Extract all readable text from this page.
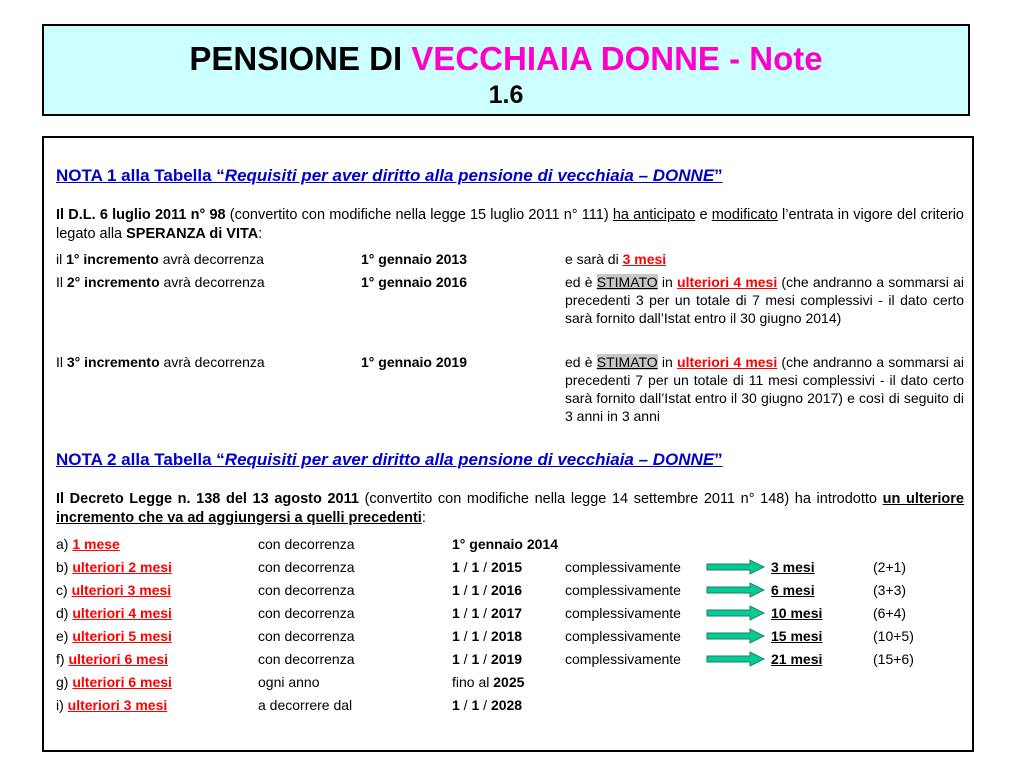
PENSIONE DI VECCHIAIA DONNE - Note
1.6
NOTA 1 alla Tabella “Requisiti per aver diritto alla pensione di vecchiaia – DONNE”
Il D.L. 6 luglio 2011 n° 98 (convertito con modifiche nella legge 15 luglio 2011 n° 111) ha anticipato e modificato l’entrata in vigore del criterio legato alla SPERANZA di VITA:
il 1° incremento avrà decorrenza	1° gennaio 2013	e sarà di 3 mesi
Il 2° incremento avrà decorrenza	1° gennaio 2016	ed è STIMATO in ulteriori 4 mesi (che andranno a sommarsi ai precedenti 3 per un totale di 7 mesi complessivi - il dato certo sarà fornito dall’Istat entro il 30 giugno 2014)
Il 3° incremento avrà decorrenza	1° gennaio 2019	ed è STIMATO in ulteriori 4 mesi (che andranno a sommarsi ai precedenti 7 per un totale di 11 mesi complessivi - il dato certo sarà fornito dall’Istat entro il 30 giugno 2017) e così di seguito di 3 anni in 3 anni
NOTA 2 alla Tabella “Requisiti per aver diritto alla pensione di vecchiaia – DONNE”
Il Decreto Legge n. 138 del 13 agosto 2011 (convertito con modifiche nella legge 14 settembre 2011 n° 148) ha introdotto un ulteriore incremento che va ad aggiungersi a quelli precedenti:
a) 1 mese	con decorrenza	1° gennaio 2014
b) ulteriori 2 mesi	con decorrenza	1 / 1 / 2015	complessivamente	3 mesi	(2+1)
c) ulteriori 3 mesi	con decorrenza	1 / 1 / 2016	complessivamente	6 mesi	(3+3)
d) ulteriori 4 mesi	con decorrenza	1 / 1 / 2017	complessivamente	10 mesi	(6+4)
e) ulteriori 5 mesi	con decorrenza	1 / 1 / 2018	complessivamente	15 mesi	(10+5)
f) ulteriori 6 mesi	con decorrenza	1 / 1 / 2019	complessivamente	21 mesi	(15+6)
g) ulteriori 6 mesi	ogni anno	fino al 2025
i) ulteriori 3 mesi	a decorrere dal	1 / 1 / 2028
